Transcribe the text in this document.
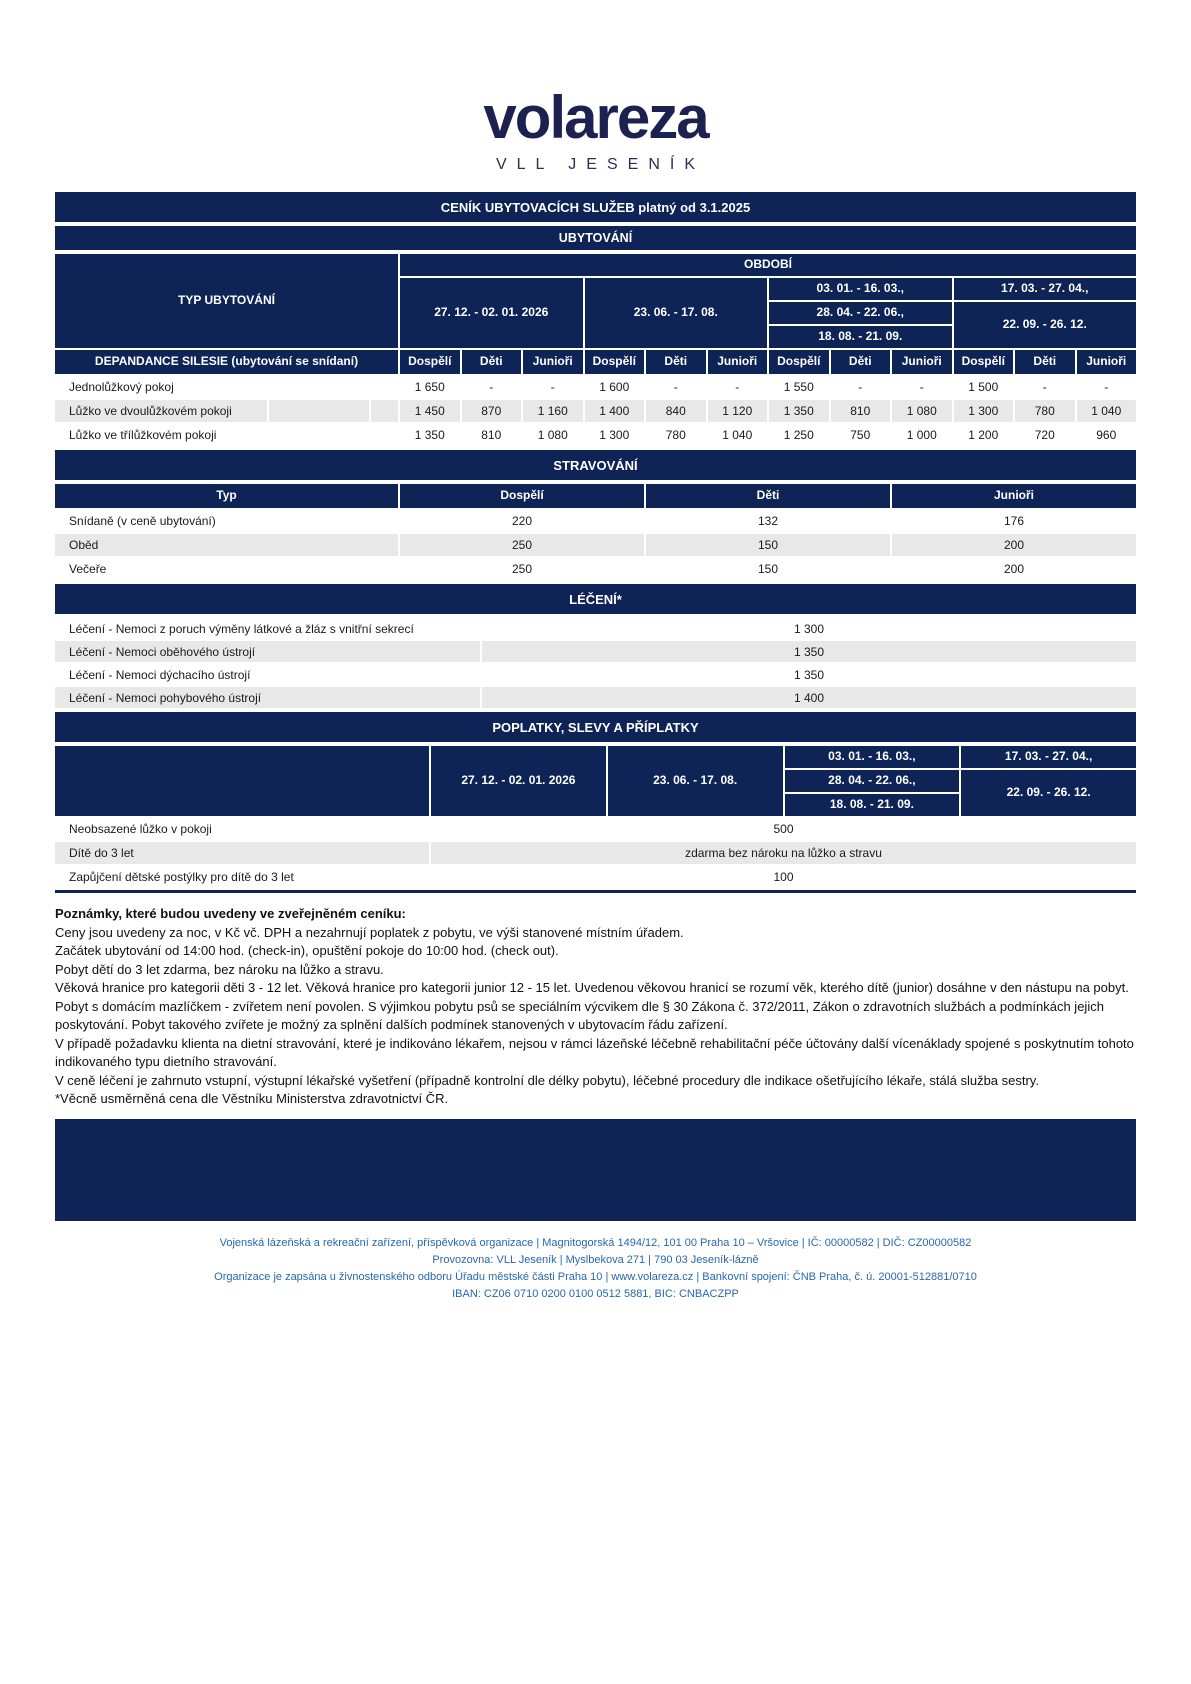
volareza
VLL JESENÍK
CENÍK UBYTOVACÍCH SLUŽEB platný od 3.1.2025
UBYTOVÁNÍ
TYP UBYTOVÁNÍ
OBDOBÍ
27. 12. - 02. 01. 2026	23. 06. - 17. 08.
03. 01. - 16. 03.,
28. 04. - 22. 06.,
18. 08. - 21. 09.
17. 03. - 27. 04.,
22. 09. - 26. 12.
DEPANDANCE SILESIE (ubytování se snídaní)	Dospělí	Děti	Junioři	Dospělí	Děti	Junioři	Dospělí	Děti	Junioři	Dospělí	Děti	Junioři
Jednolůžkový pokoj	1 650	-	-	1 600	-	-	1 550	-	-	1 500	-	-
Lůžko ve dvoulůžkovém pokoji	1 450	870	1 160	1 400	840	1 120	1 350	810	1 080	1 300	780	1 040
Lůžko ve třílůžkovém pokoji	1 350	810	1 080	1 300	780	1 040	1 250	750	1 000	1 200	720	960
STRAVOVÁNÍ
Typ	Dospělí	Děti	Junioři
Snídaně (v ceně ubytování)	220	132	176
Oběd	250	150	200
Večeře	250	150	200
LÉČENÍ*
Léčení - Nemoci z poruch výměny látkové a žláz s vnitřní sekrecí	1 300
Léčení - Nemoci oběhového ústrojí	1 350
Léčení - Nemoci dýchacího ústrojí	1 350
Léčení - Nemoci pohybového ústrojí	1 400
POPLATKY, SLEVY A PŘÍPLATKY
27. 12. - 02. 01. 2026	23. 06. - 17. 08.
03. 01. - 16. 03.,
28. 04. - 22. 06.,
18. 08. - 21. 09.
17. 03. - 27. 04.,
22. 09. - 26. 12.
Neobsazené lůžko v pokoji	500
Dítě do 3 let	zdarma bez nároku na lůžko a stravu
Zapůjčení dětské postýlky pro dítě do 3 let	100

Poznámky, které budou uvedeny ve zveřejněném ceníku:

Ceny jsou uvedeny za noc, v Kč vč. DPH a nezahrnují poplatek z pobytu, ve výši stanovené místním úřadem.

Začátek ubytování od 14:00 hod. (check-in), opuštění pokoje do 10:00 hod. (check out).

Pobyt dětí do 3 let zdarma, bez nároku na lůžko a stravu.

Věková hranice pro kategorii děti 3 - 12 let. Věková hranice pro kategorii junior 12 - 15 let. Uvedenou věkovou hranicí se rozumí věk, kterého dítě (junior) dosáhne v den nástupu na pobyt.

Pobyt s domácím mazlíčkem - zvířetem není povolen. S výjimkou pobytu psů se speciálním výcvikem dle § 30 Zákona č. 372/2011, Zákon o zdravotních službách a podmínkách jejich poskytování. Pobyt takového zvířete je možný za splnění dalších podmínek stanovených v ubytovacím řádu zařízení.

V případě požadavku klienta na dietní stravování, které je indikováno lékařem, nejsou v rámci lázeňské léčebně rehabilitační péče účtovány další vícenáklady spojené s poskytnutím tohoto indikovaného typu dietního stravování.

V ceně léčení je zahrnuto vstupní, výstupní lékařské vyšetření (případně kontrolní dle délky pobytu), léčebné procedury dle indikace ošetřujícího lékaře, stálá služba sestry.

*Věcně usměrněná cena dle Věstníku Ministerstva zdravotnictví ČR.

Vojenská lázeňská a rekreační zařízení, příspěvková organizace | Magnitogorská 1494/12, 101 00 Praha 10 – Vršovice | IČ: 00000582 | DIČ: CZ00000582

Provozovna: VLL Jeseník | Myslbekova 271 | 790 03 Jeseník-lázně

Organizace je zapsána u živnostenského odboru Úřadu městské části Praha 10 | www.volareza.cz | Bankovní spojení: ČNB Praha, č. ú. 20001-512881/0710

IBAN: CZ06 0710 0200 0100 0512 5881, BIC: CNBACZPP
